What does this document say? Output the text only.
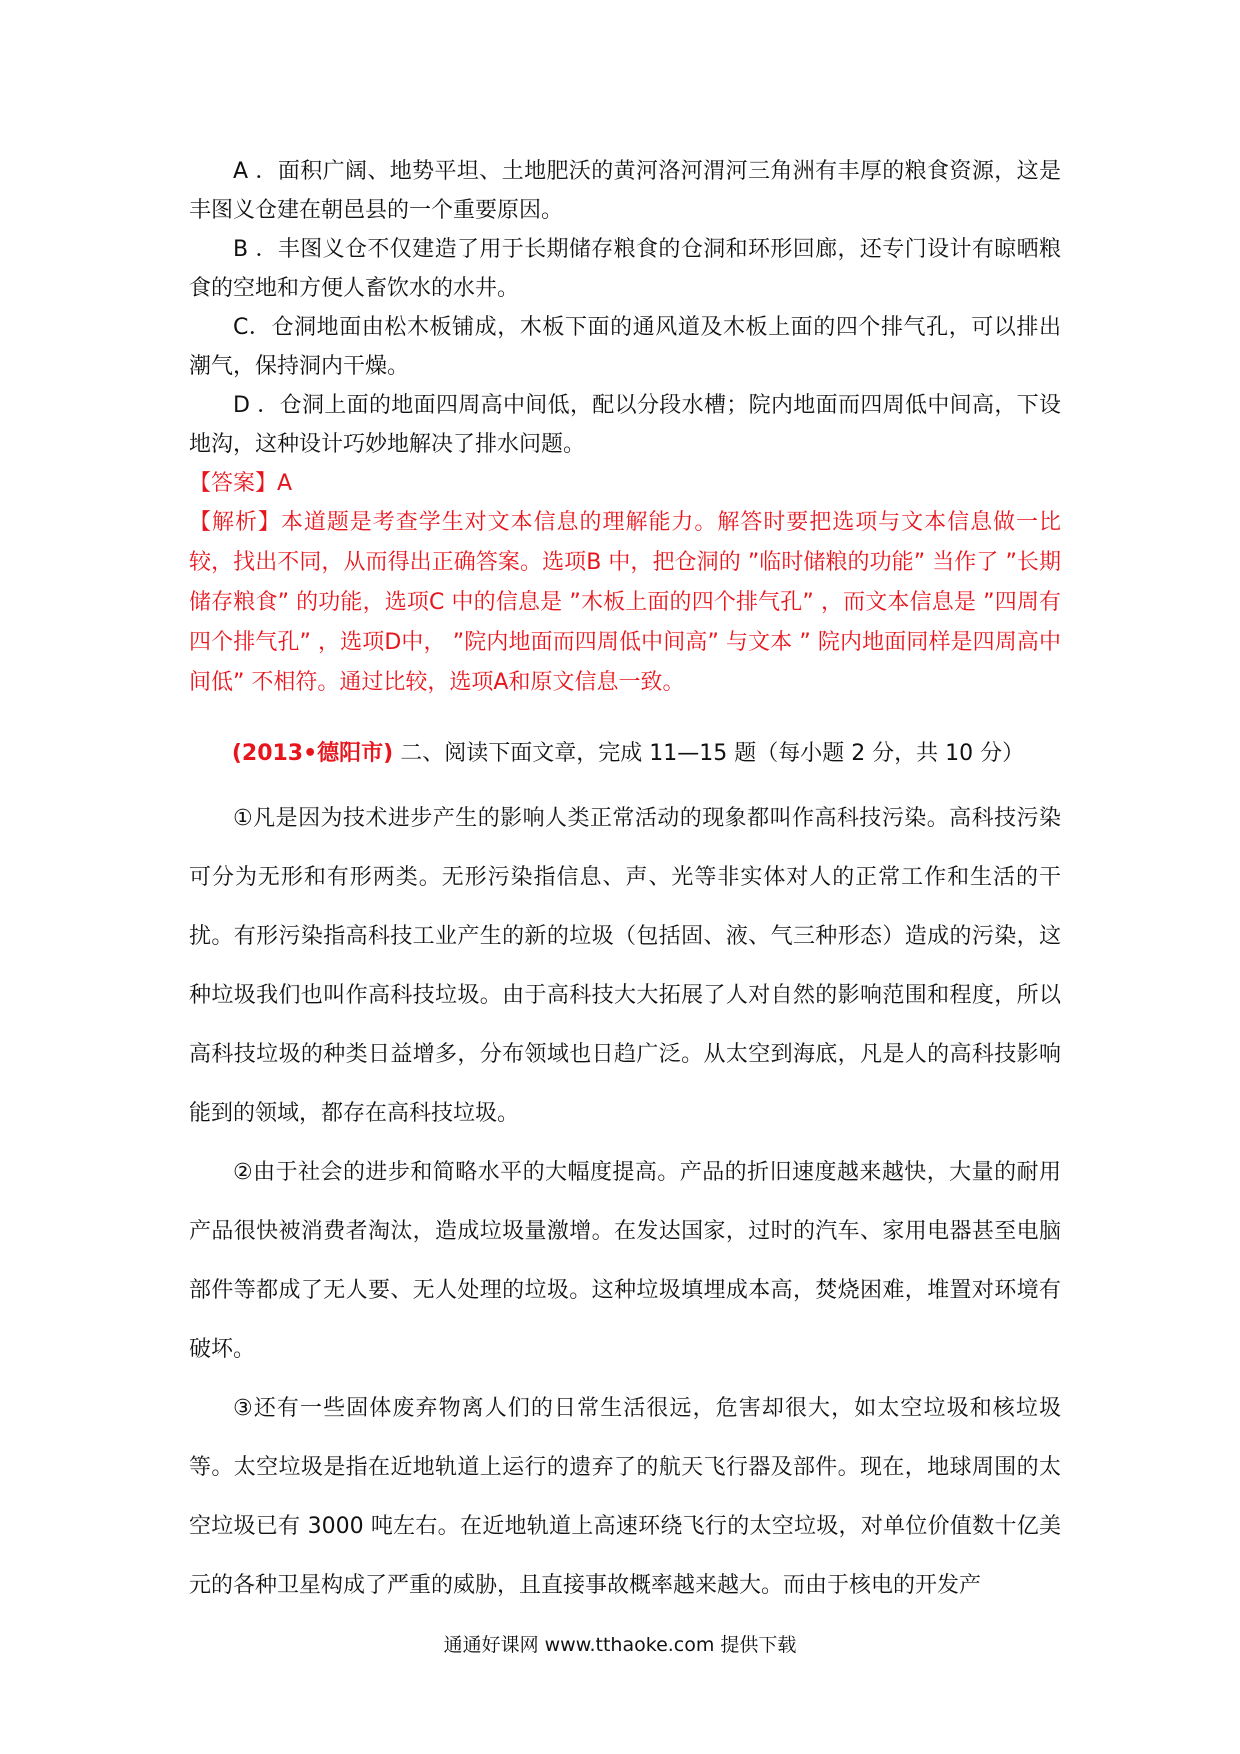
A ．面积广阔、地势平坦、土地肥沃的黄河洛河渭河三角洲有丰厚的粮食资源，这是丰图义仓建在朝邑县的一个重要原因。

B ．丰图义仓不仅建造了用于长期储存粮食的仓洞和环形回廊，还专门设计有晾晒粮食的空地和方便人畜饮水的水井。

C．仓洞地面由松木板铺成，木板下面的通风道及木板上面的四个排气孔，可以排出潮气，保持洞内干燥。

D ．仓洞上面的地面四周高中间低，配以分段水槽；院内地面而四周低中间高，下设地沟，这种设计巧妙地解决了排水问题。

【答案】A

【解析】本道题是考查学生对文本信息的理解能力。解答时要把选项与文本信息做一比较，找出不同，从而得出正确答案。选项B 中，把仓洞的 ”临时储粮的功能” 当作了 ”长期储存粮食” 的功能，选项C 中的信息是 ”木板上面的四个排气孔” ，而文本信息是 ”四周有四个排气孔” ，选项D中， ”院内地面而四周低中间高” 与文本 ” 院内地面同样是四周高中间低” 不相符。通过比较，选项A和原文信息一致。

(2013•德阳市) 二、阅读下面文章，完成 11—15 题（每小题 2 分，共 10 分）

①凡是因为技术进步产生的影响人类正常活动的现象都叫作高科技污染。高科技污染可分为无形和有形两类。无形污染指信息、声、光等非实体对人的正常工作和生活的干扰。有形污染指高科技工业产生的新的垃圾（包括固、液、气三种形态）造成的污染，这种垃圾我们也叫作高科技垃圾。由于高科技大大拓展了人对自然的影响范围和程度，所以高科技垃圾的种类日益增多，分布领域也日趋广泛。从太空到海底，凡是人的高科技影响能到的领域，都存在高科技垃圾。

②由于社会的进步和简略水平的大幅度提高。产品的折旧速度越来越快，大量的耐用产品很快被消费者淘汰，造成垃圾量激增。在发达国家，过时的汽车、家用电器甚至电脑部件等都成了无人要、无人处理的垃圾。这种垃圾填埋成本高，焚烧困难，堆置对环境有破坏。

③还有一些固体废弃物离人们的日常生活很远，危害却很大，如太空垃圾和核垃圾等。太空垃圾是指在近地轨道上运行的遗弃了的航天飞行器及部件。现在，地球周围的太空垃圾已有 3000 吨左右。在近地轨道上高速环绕飞行的太空垃圾，对单位价值数十亿美元的各种卫星构成了严重的威胁，且直接事故概率越来越大。而由于核电的开发产

通通好课网 www.tthaoke.com 提供下载
